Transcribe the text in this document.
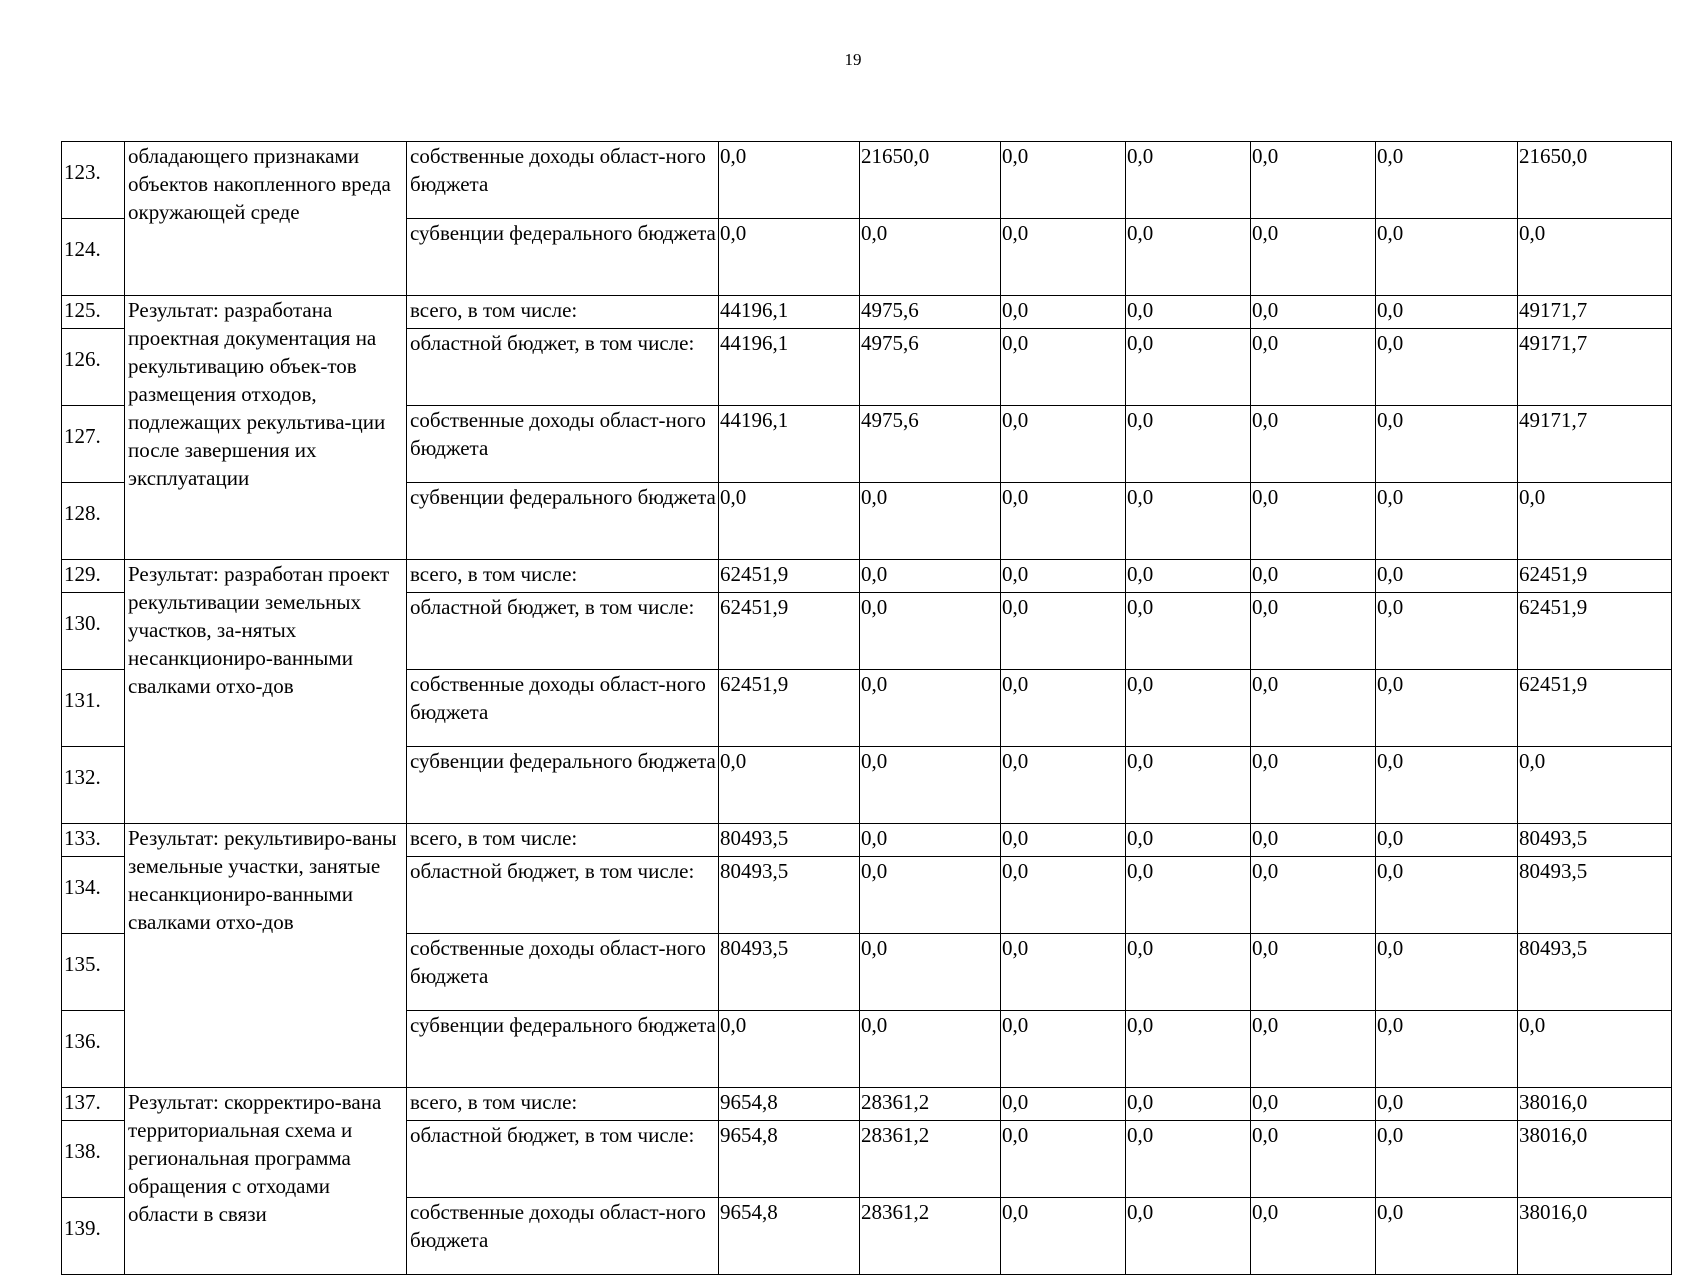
19
123.	обладающего признаками объектов накопленного вреда окружающей среде	собственные доходы област-ного бюджета	0,0	21650,0	0,0	0,0	0,0	0,0	21650,0
124.		субвенции федерального бюджета	0,0	0,0	0,0	0,0	0,0	0,0	0,0
125.	Результат: разработана проектная документация на рекультивацию объек-тов размещения отходов, подлежащих рекультива-ции после завершения их эксплуатации	всего, в том числе:	44196,1	4975,6	0,0	0,0	0,0	0,0	49171,7
126.		областной бюджет, в том числе:	44196,1	4975,6	0,0	0,0	0,0	0,0	49171,7
127.		собственные доходы област-ного бюджета	44196,1	4975,6	0,0	0,0	0,0	0,0	49171,7
128.		субвенции федерального бюджета	0,0	0,0	0,0	0,0	0,0	0,0	0,0
129.	Результат: разработан проект рекультивации земельных участков, за-нятых несанкциониро-ванными свалками отхо-дов	всего, в том числе:	62451,9	0,0	0,0	0,0	0,0	0,0	62451,9
130.		областной бюджет, в том числе:	62451,9	0,0	0,0	0,0	0,0	0,0	62451,9
131.		собственные доходы област-ного бюджета	62451,9	0,0	0,0	0,0	0,0	0,0	62451,9
132.		субвенции федерального бюджета	0,0	0,0	0,0	0,0	0,0	0,0	0,0
133.	Результат: рекультивиро-ваны земельные участки, занятые несанкциониро-ванными свалками отхо-дов	всего, в том числе:	80493,5	0,0	0,0	0,0	0,0	0,0	80493,5
134.		областной бюджет, в том числе:	80493,5	0,0	0,0	0,0	0,0	0,0	80493,5
135.		собственные доходы област-ного бюджета	80493,5	0,0	0,0	0,0	0,0	0,0	80493,5
136.		субвенции федерального бюджета	0,0	0,0	0,0	0,0	0,0	0,0	0,0
137.	Результат: скорректиро-вана территориальная схема и региональная программа обращения с отходами области в связи	всего, в том числе:	9654,8	28361,2	0,0	0,0	0,0	0,0	38016,0
138.		областной бюджет, в том числе:	9654,8	28361,2	0,0	0,0	0,0	0,0	38016,0
139.		собственные доходы област-ного бюджета	9654,8	28361,2	0,0	0,0	0,0	0,0	38016,0
